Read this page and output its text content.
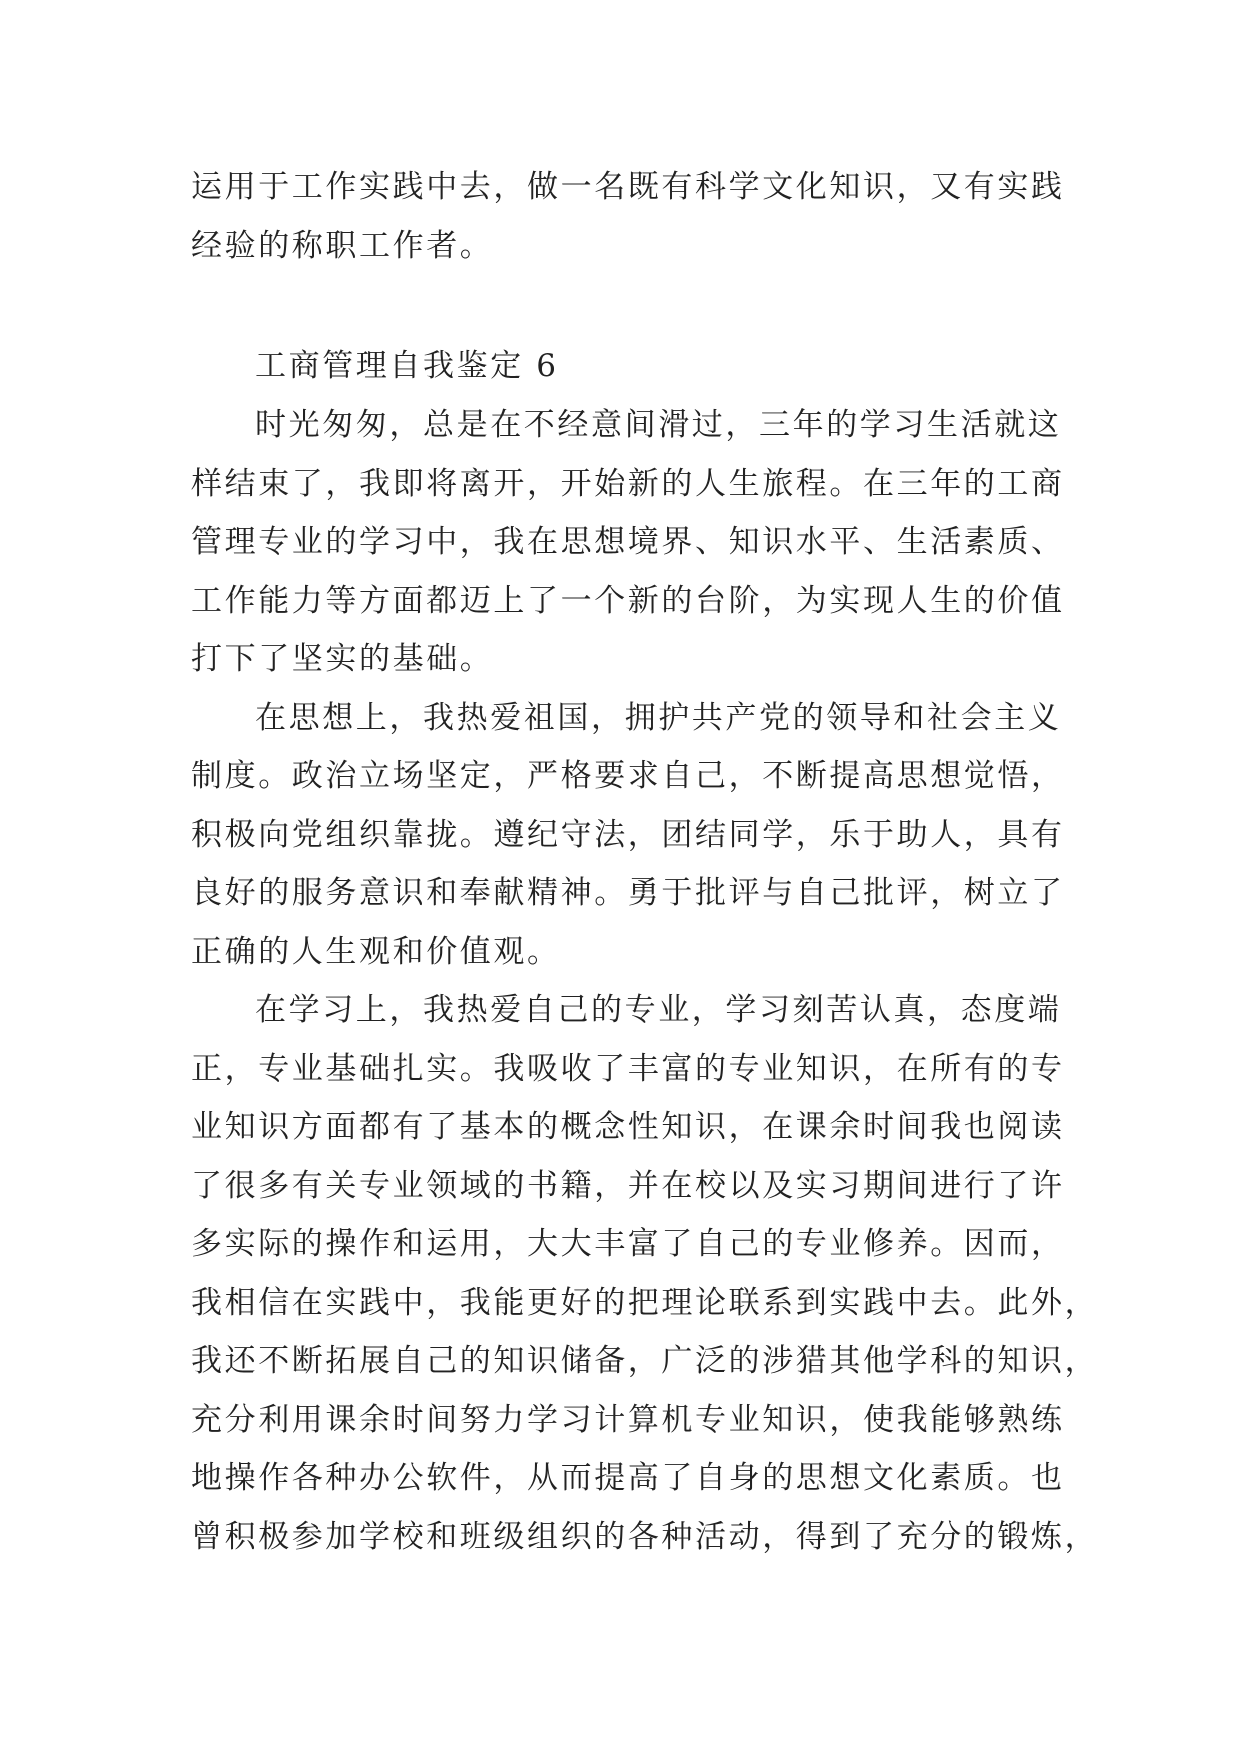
运用于工作实践中去，做一名既有科学文化知识，又有实践
经验的称职工作者。
工商管理自我鉴定 6
时光匆匆，总是在不经意间滑过，三年的学习生活就这
样结束了，我即将离开，开始新的人生旅程。在三年的工商
管理专业的学习中，我在思想境界、知识水平、生活素质、
工作能力等方面都迈上了一个新的台阶，为实现人生的价值
打下了坚实的基础。
在思想上，我热爱祖国，拥护共产党的领导和社会主义
制度。政治立场坚定，严格要求自己，不断提高思想觉悟，
积极向党组织靠拢。遵纪守法，团结同学，乐于助人，具有
良好的服务意识和奉献精神。勇于批评与自己批评，树立了
正确的人生观和价值观。
在学习上，我热爱自己的专业，学习刻苦认真，态度端
正，专业基础扎实。我吸收了丰富的专业知识，在所有的专
业知识方面都有了基本的概念性知识，在课余时间我也阅读
了很多有关专业领域的书籍，并在校以及实习期间进行了许
多实际的操作和运用，大大丰富了自己的专业修养。因而，
我相信在实践中，我能更好的把理论联系到实践中去。此外，
我还不断拓展自己的知识储备，广泛的涉猎其他学科的知识，
充分利用课余时间努力学习计算机专业知识，使我能够熟练
地操作各种办公软件，从而提高了自身的思想文化素质。也
曾积极参加学校和班级组织的各种活动，得到了充分的锻炼，
